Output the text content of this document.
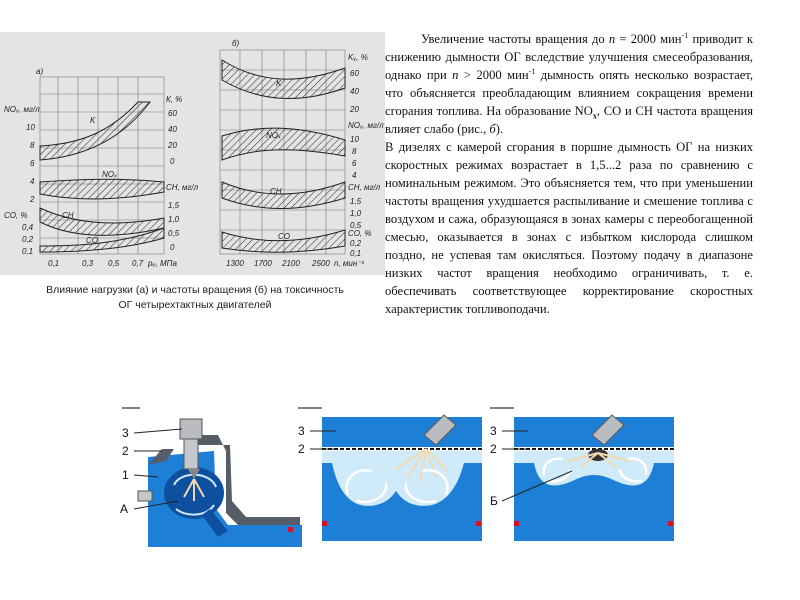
а)
K
NOₓ
CH
CO
NOₓ, мг/л
10
8
6
4
2
СО, %
0,4
0,2
0,1
К, %
60
40
20
0
СН, мг/л
1,5
1,0
0,5
0
0,1	0,3 0,5 0,7 pₑ, МПа
б)
K
NOₓ
CH
CO
Kᵧ, %
60
40
20
NOₓ, мг/л
10
8
6
4
СН, мг/л
1,5
1,0
0,5
СО, %
0,2
0,1
1300 1700 2100 2500 n, мин⁻¹
Влияние нагрузки (а) и частоты вращения (б) на токсичность ОГ четырехтактных двигателей

Увеличение частоты вращения до n = 2000 мин$^{-1}$ приводит к снижению дымности ОГ вследствие улучшения смесеобразования, однако при n > 2000 мин$^{-1}$ дымность опять несколько возрастает, что объясняется преобладающим влиянием сокращения времени сгорания топлива. На образование $NO_x$, CO и CH частота вращения влияет слабо (рис., б).

В дизелях с камерой сгорания в поршне дымность ОГ на низких скоростных режимах возрастает в 1,5...2 раза по сравнению с номинальным режимом. Это объясняется тем, что при уменьшении частоты вращения ухудшается распыливание и смешение топлива с воздухом и сажа, образующаяся в зонах камеры с переобогащенной смесью, оказывается в зонах с избытком кислорода слишком поздно, не успевая там окисляться. Поэтому подачу в диапазоне низких частот вращения необходимо ограничивать, т. е. обеспечивать соответствующее корректирование скоростных характеристик топливоподачи.

3
2
1
А
3
2
3
2
Б
